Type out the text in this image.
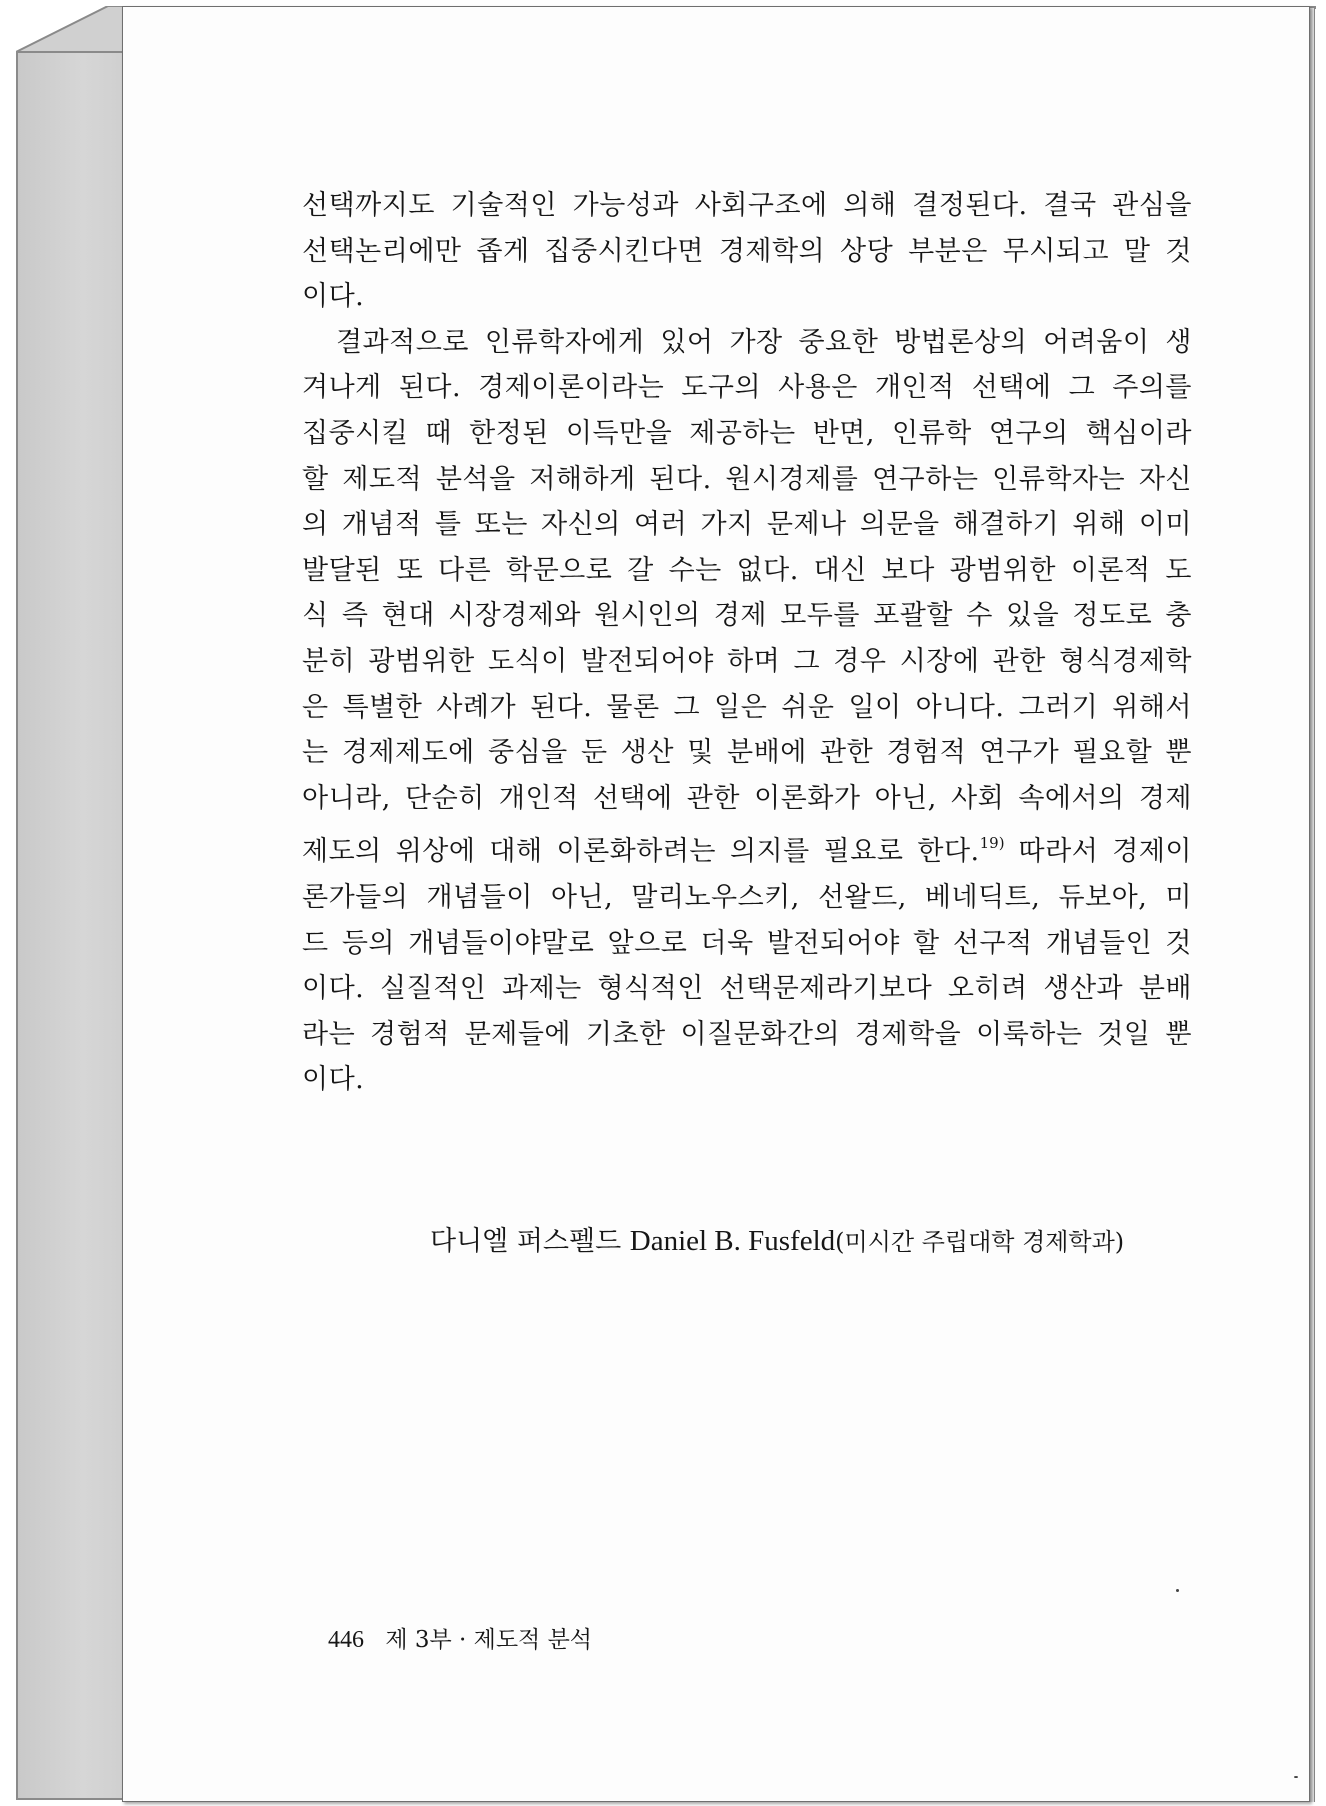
선택까지도 기술적인 가능성과 사회구조에 의해 결정된다. 결국 관심을
선택논리에만 좁게 집중시킨다면 경제학의 상당 부분은 무시되고 말 것
이다.
결과적으로 인류학자에게 있어 가장 중요한 방법론상의 어려움이 생
겨나게 된다. 경제이론이라는 도구의 사용은 개인적 선택에 그 주의를
집중시킬 때 한정된 이득만을 제공하는 반면, 인류학 연구의 핵심이라
할 제도적 분석을 저해하게 된다. 원시경제를 연구하는 인류학자는 자신
의 개념적 틀 또는 자신의 여러 가지 문제나 의문을 해결하기 위해 이미
발달된 또 다른 학문으로 갈 수는 없다. 대신 보다 광범위한 이론적 도
식 즉 현대 시장경제와 원시인의 경제 모두를 포괄할 수 있을 정도로 충
분히 광범위한 도식이 발전되어야 하며 그 경우 시장에 관한 형식경제학
은 특별한 사례가 된다. 물론 그 일은 쉬운 일이 아니다. 그러기 위해서
는 경제제도에 중심을 둔 생산 및 분배에 관한 경험적 연구가 필요할 뿐
아니라, 단순히 개인적 선택에 관한 이론화가 아닌, 사회 속에서의 경제
제도의 위상에 대해 이론화하려는 의지를 필요로 한다.$^{19)}$ 따라서 경제이
론가들의 개념들이 아닌, 말리노우스키, 선왈드, 베네딕트, 듀보아, 미
드 등의 개념들이야말로 앞으로 더욱 발전되어야 할 선구적 개념들인 것
이다. 실질적인 과제는 형식적인 선택문제라기보다 오히려 생산과 분배
라는 경험적 문제들에 기초한 이질문화간의 경제학을 이룩하는 것일 뿐
이다.
다니엘 퍼스펠드 Daniel B. Fusfeld(미시간 주립대학 경제학과)
446 제 3부 · 제도적 분석
